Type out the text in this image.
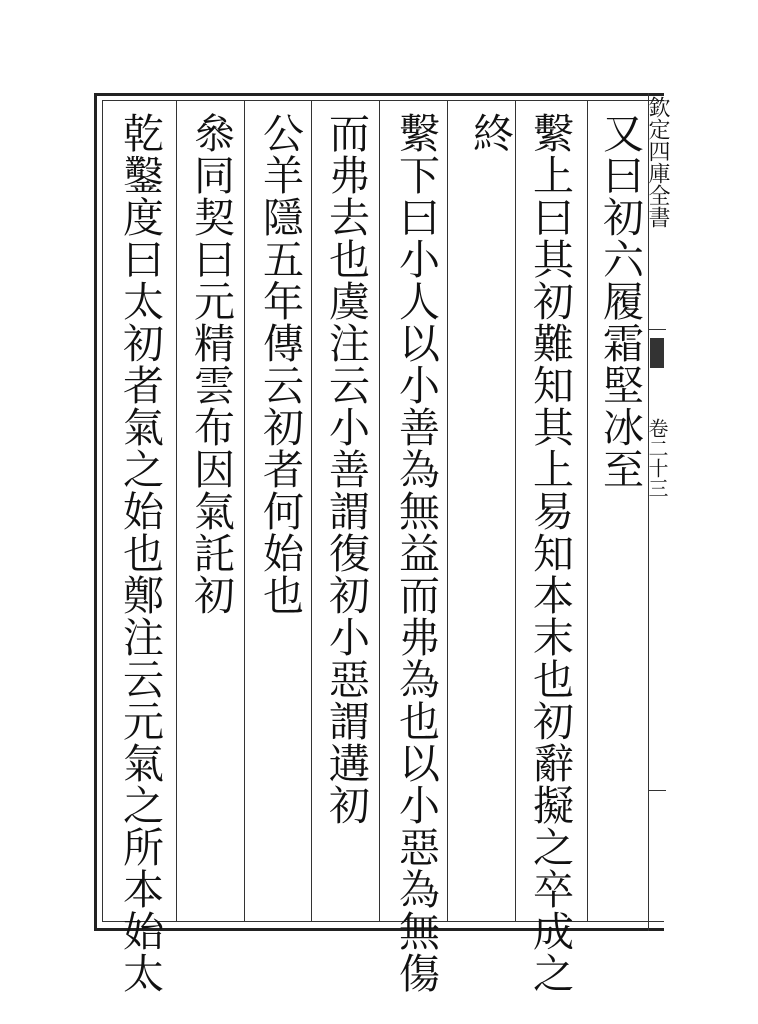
欽定四庫全書
卷二十三
又曰初六履霜堅冰至
繫上曰其初難知其上易知本末也初辭擬之卒成之
終
繫下曰小人以小善為無益而弗為也以小惡為無傷
而弗去也虞注云小善謂復初小惡謂遘初
公羊隱五年傳云初者何始也
叅同契曰元精雲布因氣託初
乾鑿度曰太初者氣之始也鄭注云元氣之所本始太
